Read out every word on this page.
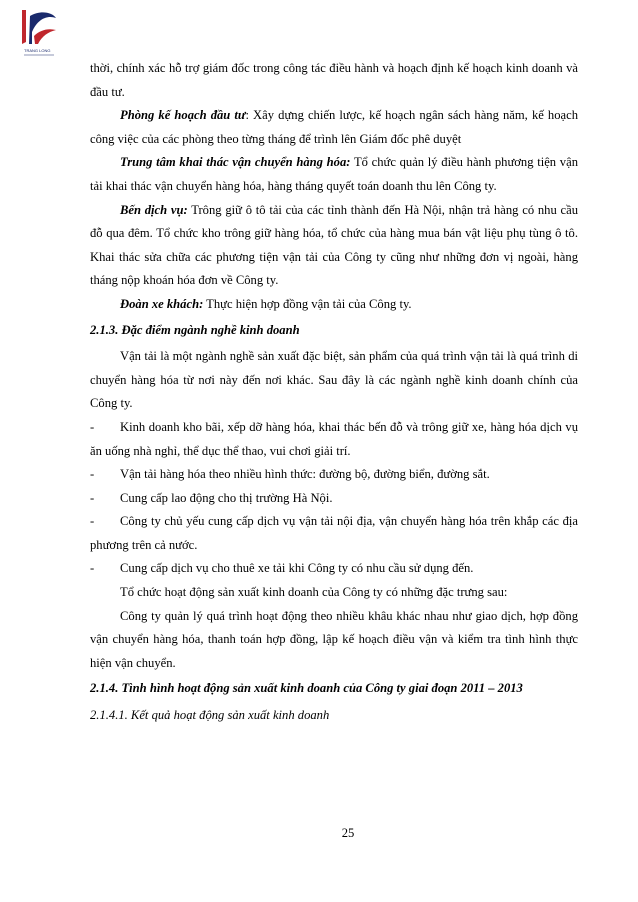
TRANG LONG

thời, chính xác hỗ trợ giám đốc trong công tác điều hành và hoạch định kế hoạch kinh doanh và đầu tư.

Phòng kế hoạch đầu tư: Xây dựng chiến lược, kế hoạch ngân sách hàng năm, kế hoạch công việc của các phòng theo từng tháng để trình lên Giám đốc phê duyệt

Trung tâm khai thác vận chuyển hàng hóa: Tổ chức quản lý điều hành phương tiện vận tải khai thác vận chuyển hàng hóa, hàng tháng quyết toán doanh thu lên Công ty.

Bến dịch vụ: Trông giữ ô tô tải của các tỉnh thành đến Hà Nội, nhận trả hàng có nhu cầu đỗ qua đêm. Tổ chức kho trông giữ hàng hóa, tổ chức của hàng mua bán vật liệu phụ tùng ô tô. Khai thác sửa chữa các phương tiện vận tải của Công ty cũng như những đơn vị ngoài, hàng tháng nộp khoán hóa đơn về Công ty.

Đoàn xe khách: Thực hiện hợp đồng vận tải của Công ty.

2.1.3. Đặc điểm ngành nghề kinh doanh

Vận tải là một ngành nghề sản xuất đặc biệt, sản phẩm của quá trình vận tải là quá trình di chuyển hàng hóa từ nơi này đến nơi khác. Sau đây là các ngành nghề kinh doanh chính của Công ty.

- Kinh doanh kho bãi, xếp dỡ hàng hóa, khai thác bến đỗ và trông giữ xe, hàng hóa dịch vụ ăn uống nhà nghỉ, thể dục thể thao, vui chơi giải trí.

- Vận tải hàng hóa theo nhiều hình thức: đường bộ, đường biển, đường sắt.

- Cung cấp lao động cho thị trường Hà Nội.

- Công ty chủ yếu cung cấp dịch vụ vận tải nội địa, vận chuyển hàng hóa trên khắp các địa phương trên cả nước.

- Cung cấp dịch vụ cho thuê xe tải khi Công ty có nhu cầu sử dụng đến.

Tổ chức hoạt động sản xuất kinh doanh của Công ty có những đặc trưng sau:

Công ty quản lý quá trình hoạt động theo nhiều khâu khác nhau như giao dịch, hợp đồng vận chuyển hàng hóa, thanh toán hợp đồng, lập kế hoạch điều vận và kiểm tra tình hình thực hiện vận chuyển.

2.1.4. Tình hình hoạt động sản xuất kinh doanh của Công ty giai đoạn 2011 – 2013

2.1.4.1. Kết quả hoạt động sản xuất kinh doanh

25
